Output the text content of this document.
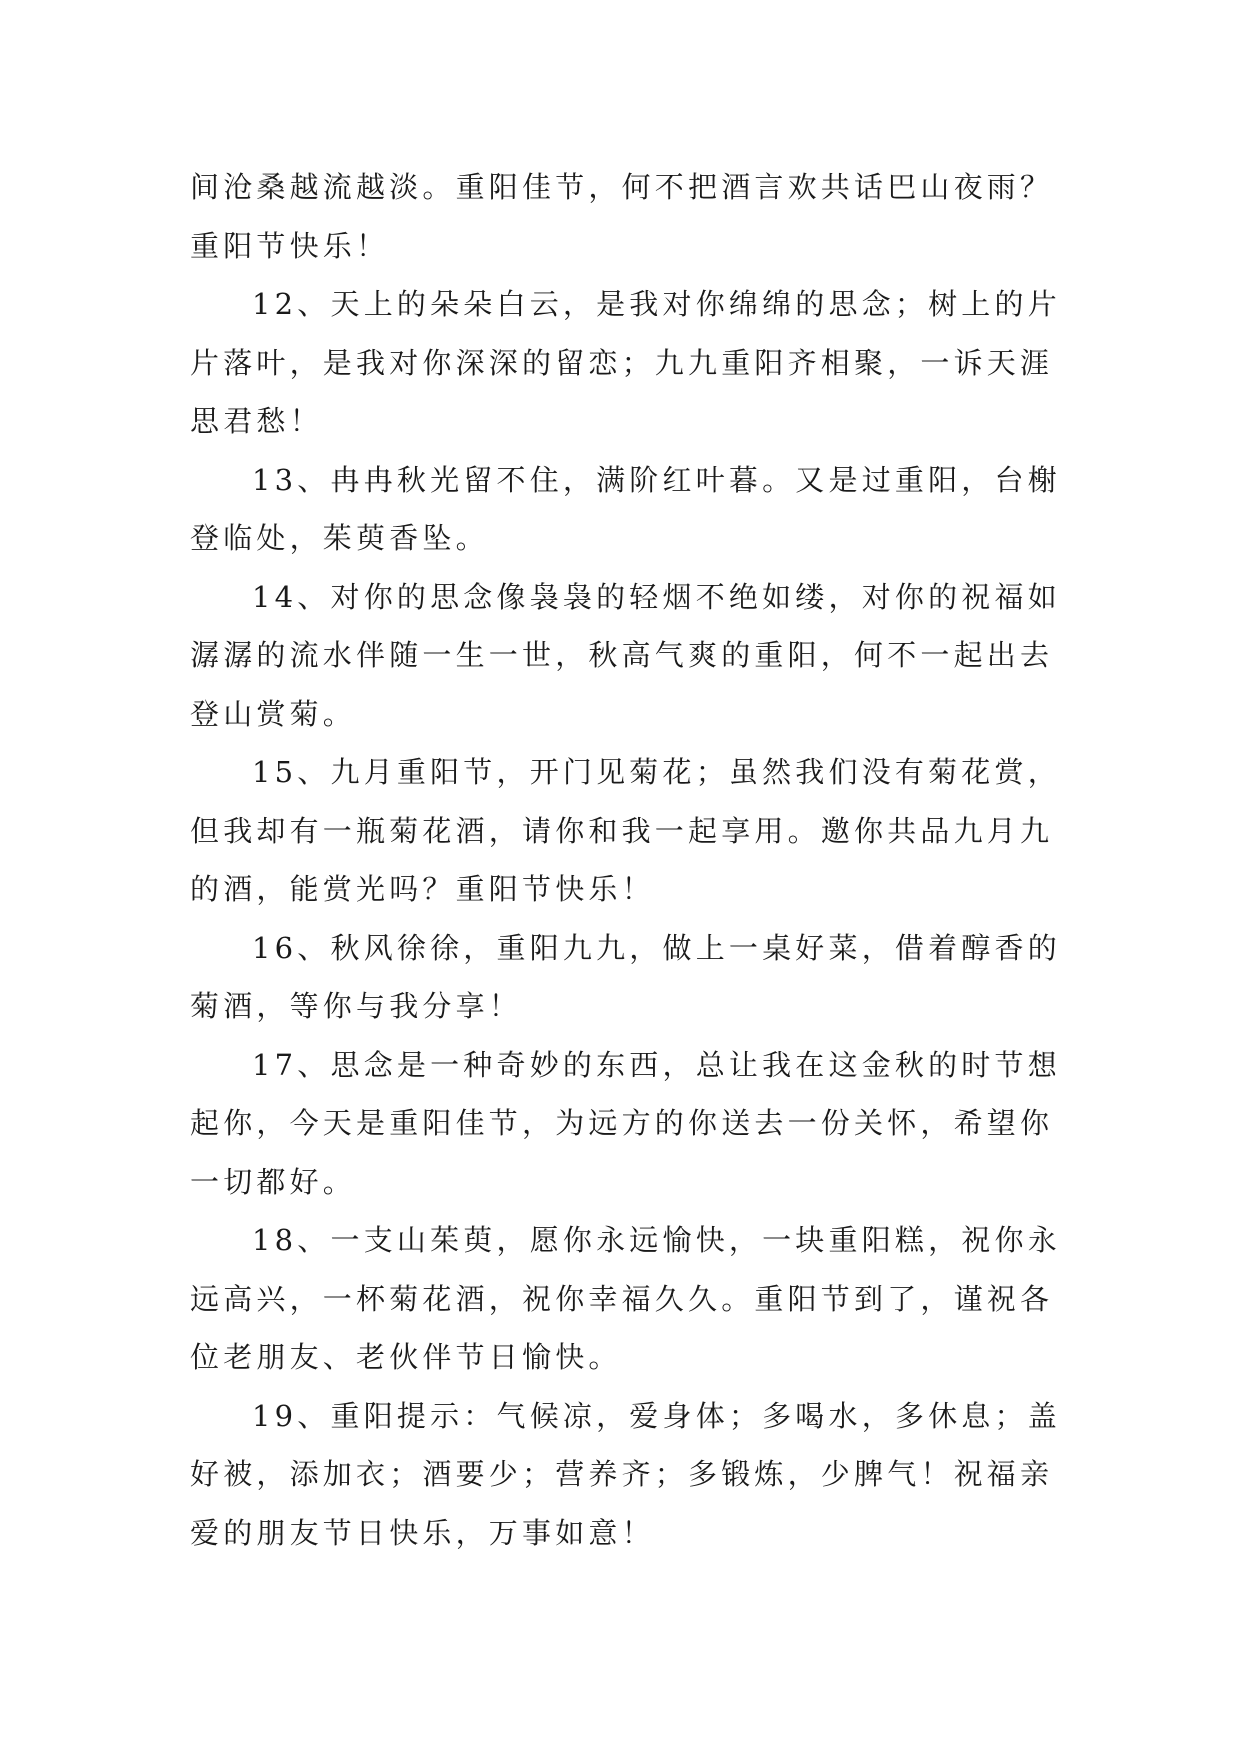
间沧桑越流越淡。重阳佳节，何不把酒言欢共话巴山夜雨？
重阳节快乐！

12、天上的朵朵白云，是我对你绵绵的思念；树上的片
片落叶，是我对你深深的留恋；九九重阳齐相聚，一诉天涯
思君愁！

13、冉冉秋光留不住，满阶红叶暮。又是过重阳，台榭
登临处，茱萸香坠。

14、对你的思念像袅袅的轻烟不绝如缕，对你的祝福如
潺潺的流水伴随一生一世，秋高气爽的重阳，何不一起出去
登山赏菊。

15、九月重阳节，开门见菊花；虽然我们没有菊花赏，
但我却有一瓶菊花酒，请你和我一起享用。邀你共品九月九
的酒，能赏光吗？重阳节快乐！

16、秋风徐徐，重阳九九，做上一桌好菜，借着醇香的
菊酒，等你与我分享！

17、思念是一种奇妙的东西，总让我在这金秋的时节想
起你，今天是重阳佳节，为远方的你送去一份关怀，希望你
一切都好。

18、一支山茱萸，愿你永远愉快，一块重阳糕，祝你永
远高兴，一杯菊花酒，祝你幸福久久。重阳节到了，谨祝各
位老朋友、老伙伴节日愉快。

19、重阳提示：气候凉，爱身体；多喝水，多休息；盖
好被，添加衣；酒要少；营养齐；多锻炼，少脾气！祝福亲
爱的朋友节日快乐，万事如意！
